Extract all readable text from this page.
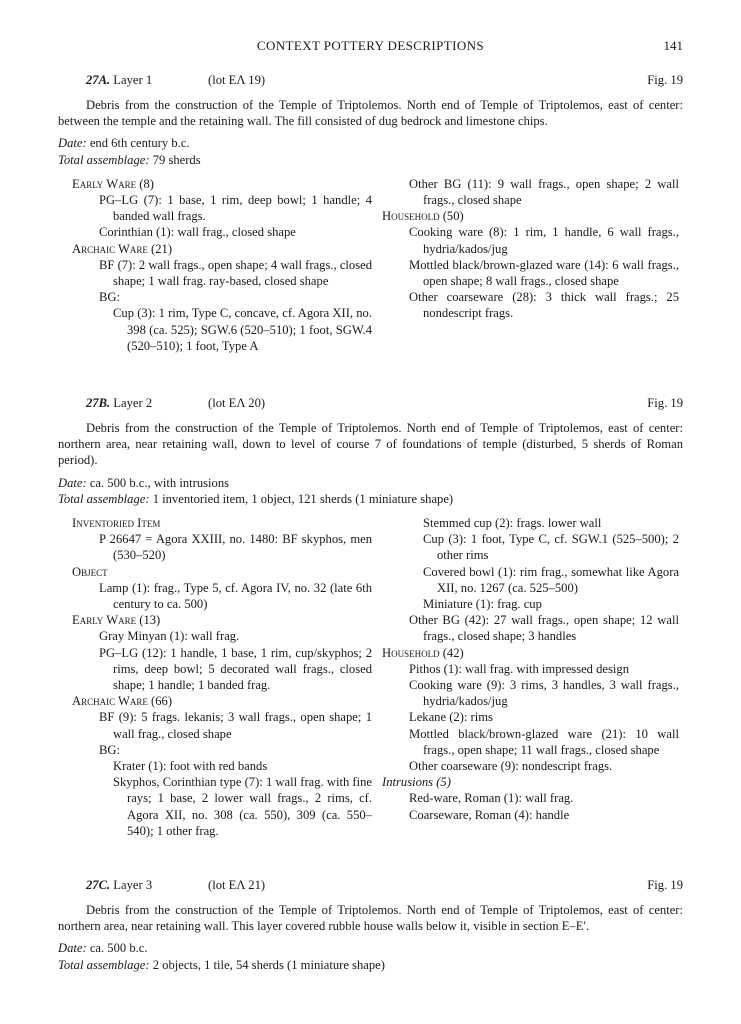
CONTEXT POTTERY DESCRIPTIONS	141
27A. Layer 1	(lot EΛ 19)	Fig. 19

Debris from the construction of the Temple of Triptolemos. North end of Temple of Triptolemos, east of center: between the temple and the retaining wall. The fill consisted of dug bedrock and limestone chips.

Date: end 6th century b.c.
Total assemblage: 79 sherds
Early Ware (8)
PG–LG (7): 1 base, 1 rim, deep bowl; 1 handle; 4 banded wall frags.
Corinthian (1): wall frag., closed shape
Archaic Ware (21)
BF (7): 2 wall frags., open shape; 4 wall frags., closed shape; 1 wall frag. ray-based, closed shape
BG:
Cup (3): 1 rim, Type C, concave, cf. Agora XII, no. 398 (ca. 525); SGW.6 (520–510); 1 foot, SGW.4 (520–510); 1 foot, Type A
Other BG (11): 9 wall frags., open shape; 2 wall frags., closed shape
Household (50)
Cooking ware (8): 1 rim, 1 handle, 6 wall frags., hydria/kados/jug
Mottled black/brown-glazed ware (14): 6 wall frags., open shape; 8 wall frags., closed shape
Other coarseware (28): 3 thick wall frags.; 25 nondescript frags.
27B. Layer 2	(lot EΛ 20)	Fig. 19

Debris from the construction of the Temple of Triptolemos. North end of Temple of Triptolemos, east of center: northern area, near retaining wall, down to level of course 7 of foundations of temple (disturbed, 5 sherds of Roman period).

Date: ca. 500 b.c., with intrusions
Total assemblage: 1 inventoried item, 1 object, 121 sherds (1 miniature shape)
Inventoried Item
P 26647 = Agora XXIII, no. 1480: BF skyphos, men (530–520)
Object
Lamp (1): frag., Type 5, cf. Agora IV, no. 32 (late 6th century to ca. 500)
Early Ware (13)
Gray Minyan (1): wall frag.
PG–LG (12): 1 handle, 1 base, 1 rim, cup/skyphos; 2 rims, deep bowl; 5 decorated wall frags., closed shape; 1 handle; 1 banded frag.
Archaic Ware (66)
BF (9): 5 frags. lekanis; 3 wall frags., open shape; 1 wall frag., closed shape
BG:
Krater (1): foot with red bands
Skyphos, Corinthian type (7): 1 wall frag. with fine rays; 1 base, 2 lower wall frags., 2 rims, cf. Agora XII, no. 308 (ca. 550), 309 (ca. 550–540); 1 other frag.
Stemmed cup (2): frags. lower wall
Cup (3): 1 foot, Type C, cf. SGW.1 (525–500); 2 other rims
Covered bowl (1): rim frag., somewhat like Agora XII, no. 1267 (ca. 525–500)
Miniature (1): frag. cup
Other BG (42): 27 wall frags., open shape; 12 wall frags., closed shape; 3 handles
Household (42)
Pithos (1): wall frag. with impressed design
Cooking ware (9): 3 rims, 3 handles, 3 wall frags., hydria/kados/jug
Lekane (2): rims
Mottled black/brown-glazed ware (21): 10 wall frags., open shape; 11 wall frags., closed shape
Other coarseware (9): nondescript frags.
Intrusions (5)
Red-ware, Roman (1): wall frag.
Coarseware, Roman (4): handle
27C. Layer 3	(lot EΛ 21)	Fig. 19

Debris from the construction of the Temple of Triptolemos. North end of Temple of Triptolemos, east of center: northern area, near retaining wall. This layer covered rubble house walls below it, visible in section E–E′.

Date: ca. 500 b.c.
Total assemblage: 2 objects, 1 tile, 54 sherds (1 miniature shape)
